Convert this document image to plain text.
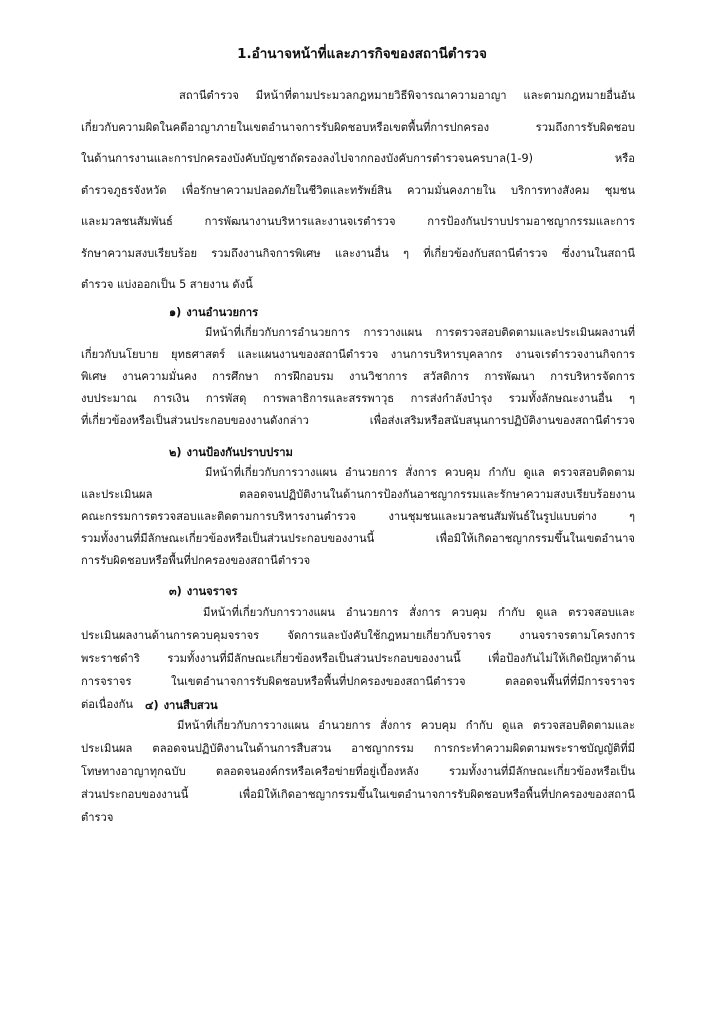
1.อำนาจหน้าที่และภารกิจของสถานีตำรวจ
สถานีตำรวจ มีหน้าที่ตามประมวลกฎหมายวิธีพิจารณาความอาญา และตามกฎหมายอื่นอัน
เกี่ยวกับความผิดในคดีอาญาภายในเขตอำนาจการรับผิดชอบหรือเขตพื้นที่การปกครอง รวมถึงการรับผิดชอบ
ในด้านการงานและการปกครองบังคับบัญชาถัดรองลงไปจากกองบังคับการตำรวจนครบาล(1-9) หรือ
ตำรวจภูธรจังหวัด เพื่อรักษาความปลอดภัยในชีวิตและทรัพย์สิน ความมั่นคงภายใน บริการทางสังคม ชุมชน
และมวลชนสัมพันธ์ การพัฒนางานบริหารและงานจเรตำรวจ การป้องกันปราบปรามอาชญากรรมและการ
รักษาความสงบเรียบร้อย รวมถึงงานกิจการพิเศษ และงานอื่น ๆ ที่เกี่ยวข้องกับสถานีตำรวจ ซึ่งงานในสถานี
ตำรวจ แบ่งออกเป็น 5 สายงาน ดังนี้
๑) งานอำนวยการ
มีหน้าที่เกี่ยวกับการอำนวยการ การวางแผน การตรวจสอบติดตามและประเมินผลงานที่
เกี่ยวกับนโยบาย ยุทธศาสตร์ และแผนงานของสถานีตำรวจ งานการบริหารบุคลากร งานจเรตำรวจงานกิจการ
พิเศษ งานความมั่นคง การศึกษา การฝึกอบรม งานวิชาการ สวัสดิการ การพัฒนา การบริหารจัดการ
งบประมาณ การเงิน การพัสดุ การพลาธิการและสรรพาวุธ การส่งกำลังบำรุง รวมทั้งลักษณะงานอื่น ๆ
ที่เกี่ยวข้องหรือเป็นส่วนประกอบของงานดังกล่าว เพื่อส่งเสริมหรือสนับสนุนการปฏิบัติงานของสถานีตำรวจ
๒) งานป้องกันปราบปราม
มีหน้าที่เกี่ยวกับการวางแผน อำนวยการ สั่งการ ควบคุม กำกับ ดูแล ตรวจสอบติดตาม
และประเมินผล ตลอดจนปฏิบัติงานในด้านการป้องกันอาชญากรรมและรักษาความสงบเรียบร้อยงาน
คณะกรรมการตรวจสอบและติดตามการบริหารงานตำรวจ งานชุมชนและมวลชนสัมพันธ์ในรูปแบบต่าง ๆ
รวมทั้งงานที่มีลักษณะเกี่ยวข้องหรือเป็นส่วนประกอบของงานนี้ เพื่อมิให้เกิดอาชญากรรมขึ้นในเขตอำนาจ
การรับผิดชอบหรือพื้นที่ปกครองของสถานีตำรวจ
๓) งานจราจร
มีหน้าที่เกี่ยวกับการวางแผน อำนวยการ สั่งการ ควบคุม กำกับ ดูแล ตรวจสอบและ
ประเมินผลงานด้านการควบคุมจราจร จัดการและบังคับใช้กฎหมายเกี่ยวกับจราจร งานจราจรตามโครงการ
พระราชดำริ รวมทั้งงานที่มีลักษณะเกี่ยวข้องหรือเป็นส่วนประกอบของงานนี้ เพื่อป้องกันไม่ให้เกิดปัญหาด้าน
การจราจร ในเขตอำนาจการรับผิดชอบหรือพื้นที่ปกครองของสถานีตำรวจ ตลอดจนพื้นที่ที่มีการจราจร
ต่อเนื่องกัน ๔) งานสืบสวน
มีหน้าที่เกี่ยวกับการวางแผน อำนวยการ สั่งการ ควบคุม กำกับ ดูแล ตรวจสอบติดตามและ
ประเมินผล ตลอดจนปฏิบัติงานในด้านการสืบสวน อาชญากรรม การกระทำความผิดตามพระราชบัญญัติที่มี
โทษทางอาญาทุกฉบับ ตลอดจนองค์กรหรือเครือข่ายที่อยู่เบื้องหลัง รวมทั้งงานที่มีลักษณะเกี่ยวข้องหรือเป็น
ส่วนประกอบของงานนี้ เพื่อมิให้เกิดอาชญากรรมขึ้นในเขตอำนาจการรับผิดชอบหรือพื้นที่ปกครองของสถานี
ตำรวจ
